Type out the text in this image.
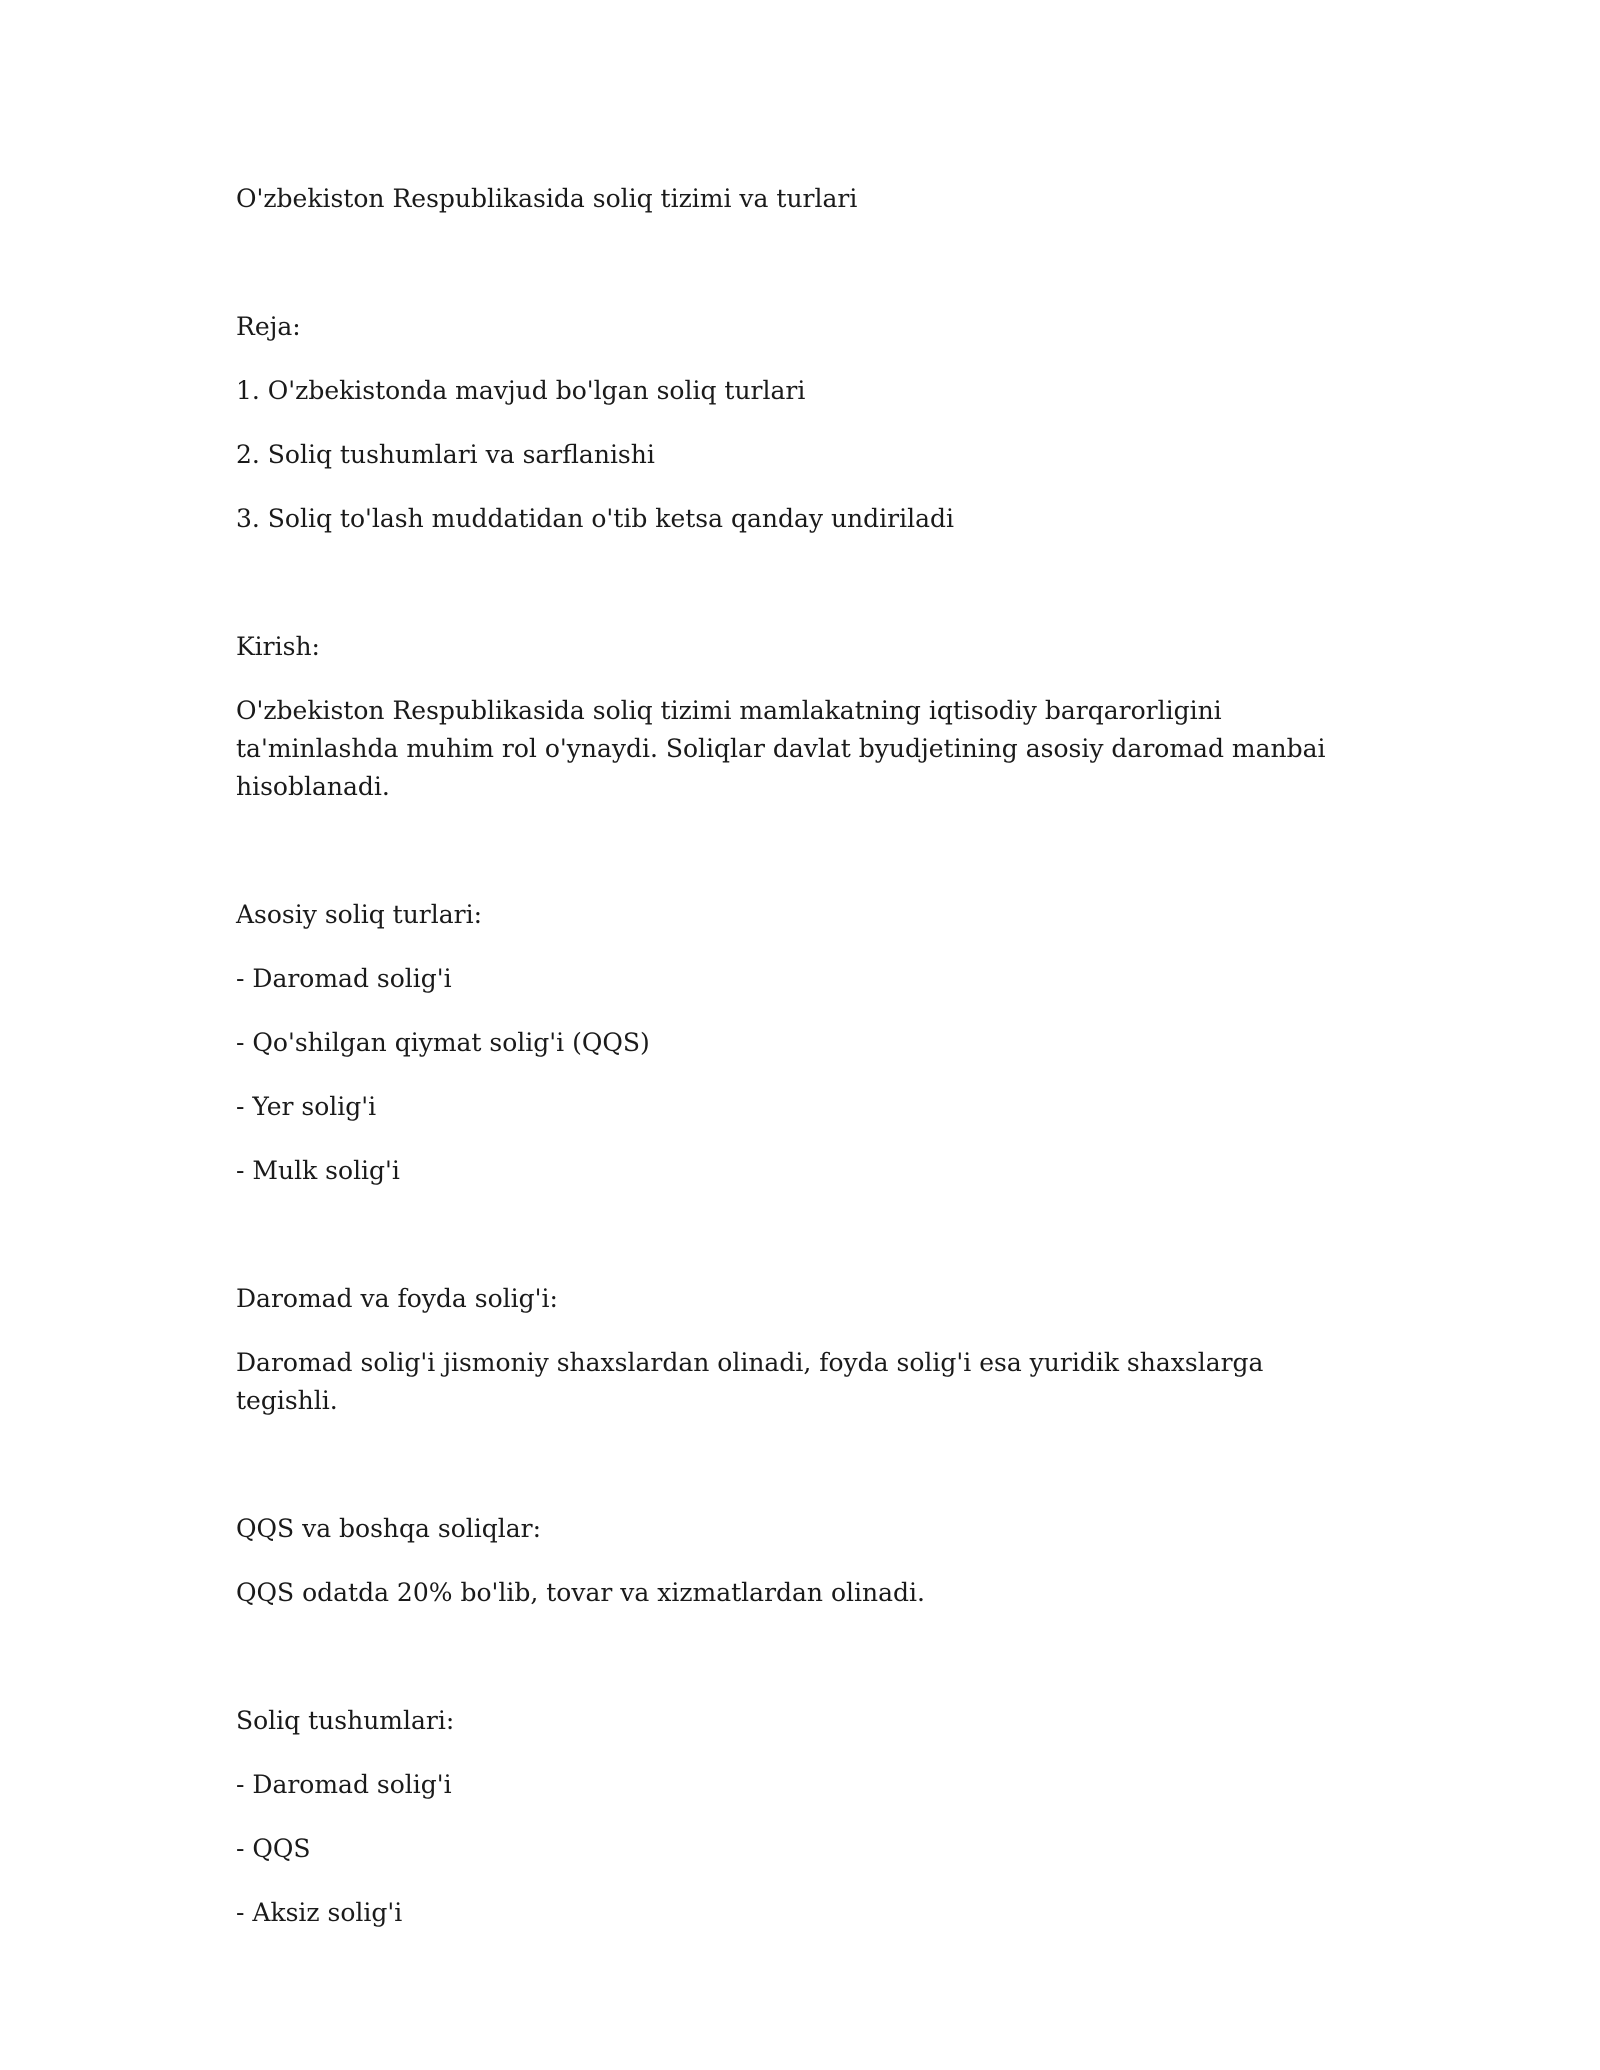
O'zbekiston Respublikasida soliq tizimi va turlari

Reja:

1. O'zbekistonda mavjud bo'lgan soliq turlari

2. Soliq tushumlari va sarflanishi

3. Soliq to'lash muddatidan o'tib ketsa qanday undiriladi

Kirish:

O'zbekiston Respublikasida soliq tizimi mamlakatning iqtisodiy barqarorligini ta'minlashda muhim rol o'ynaydi. Soliqlar davlat byudjetining asosiy daromad manbai hisoblanadi.

Asosiy soliq turlari:

- Daromad solig'i

- Qo'shilgan qiymat solig'i (QQS)

- Yer solig'i

- Mulk solig'i

Daromad va foyda solig'i:

Daromad solig'i jismoniy shaxslardan olinadi, foyda solig'i esa yuridik shaxslarga tegishli.

QQS va boshqa soliqlar:

QQS odatda 20% bo'lib, tovar va xizmatlardan olinadi.

Soliq tushumlari:

- Daromad solig'i

- QQS

- Aksiz solig'i
